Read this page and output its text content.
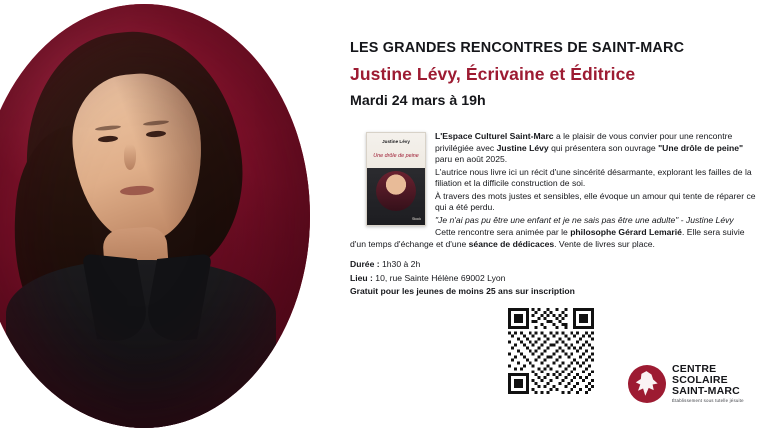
LES GRANDES RENCONTRES DE SAINT-MARC
Justine Lévy, Écrivaine et Éditrice
Mardi 24 mars à 19h
Justine Lévy
Une drôle de peine
Stock

L'Espace Culturel Saint-Marc a le plaisir de vous convier pour une rencontre privilégiée avec Justine Lévy qui présentera son ouvrage "Une drôle de peine" paru en août 2025.

L'autrice nous livre ici un récit d'une sincérité désarmante, explorant les failles de la filiation et la difficile construction de soi.

À travers des mots justes et sensibles, elle évoque un amour qui tente de réparer ce qui a été perdu.

"Je n'ai pas pu être une enfant et je ne sais pas être une adulte" - Justine Lévy

Cette rencontre sera animée par le philosophe Gérard Lemarié. Elle sera suivie d'un temps d'échange et d'une séance de dédicaces. Vente de livres sur place.

Durée : 1h30 à 2h
Lieu : 10, rue Sainte Hélène 69002 Lyon
Gratuit pour les jeunes de moins 25 ans sur inscription
CENTRE SCOLAIRE
SAINT-MARC
Établissement sous tutelle jésuite
